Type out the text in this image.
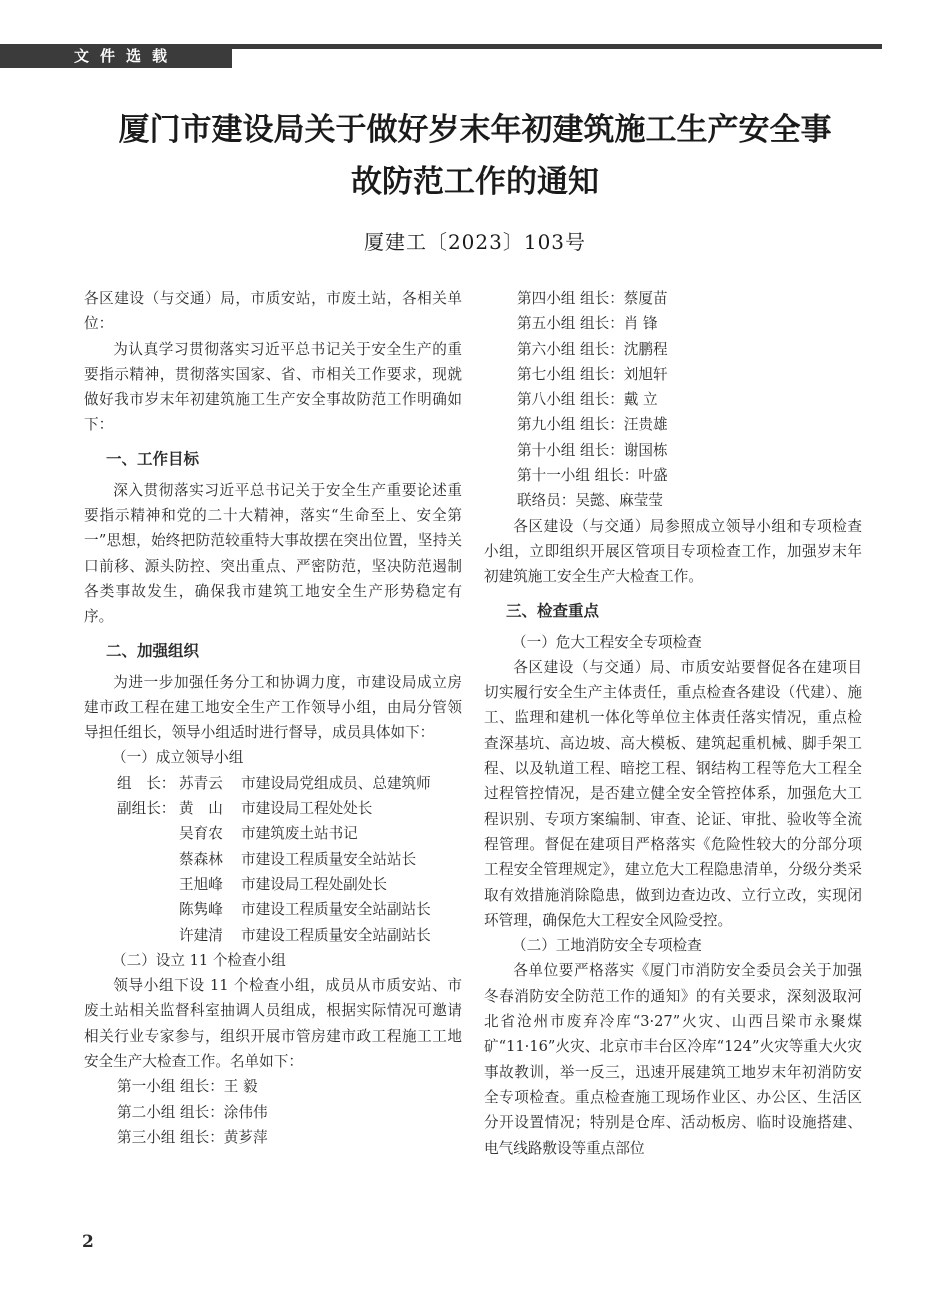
文件选载
厦门市建设局关于做好岁末年初建筑施工生产安全事
故防范工作的通知
厦建工〔2023〕103号

各区建设（与交通）局，市质安站，市废土站，各相关单位：

为认真学习贯彻落实习近平总书记关于安全生产的重要指示精神，贯彻落实国家、省、市相关工作要求，现就做好我市岁末年初建筑施工生产安全事故防范工作明确如下：

一、工作目标

深入贯彻落实习近平总书记关于安全生产重要论述重要指示精神和党的二十大精神，落实“生命至上、安全第一”思想，始终把防范较重特大事故摆在突出位置，坚持关口前移、源头防控、突出重点、严密防范，坚决防范遏制各类事故发生，确保我市建筑工地安全生产形势稳定有序。

二、加强组织

为进一步加强任务分工和协调力度，市建设局成立房建市政工程在建工地安全生产工作领导小组，由局分管领导担任组长，领导小组适时进行督导，成员具体如下：

（一）成立领导小组
组　长： 苏青云	市建设局党组成员、总建筑师
副组长： 黄　山	市建设局工程处处长
吴育农	市建筑废土站书记
蔡森林	市建设工程质量安全站站长
王旭峰	市建设局工程处副处长
陈隽峰	市建设工程质量安全站副站长
许建清	市建设工程质量安全站副站长
（二）设立 11 个检查小组

领导小组下设 11 个检查小组，成员从市质安站、市废土站相关监督科室抽调人员组成，根据实际情况可邀请相关行业专家参与，组织开展市管房建市政工程施工工地安全生产大检查工作。名单如下：

第一小组 组长：王 毅
第二小组 组长：涂伟伟
第三小组 组长：黄芗萍
第四小组 组长：蔡厦苗
第五小组 组长：肖 锋
第六小组 组长：沈鹏程
第七小组 组长：刘旭轩
第八小组 组长：戴 立
第九小组 组长：汪贵雄
第十小组 组长：谢国栋
第十一小组 组长：叶盛
联络员：吴懿、麻莹莹

各区建设（与交通）局参照成立领导小组和专项检查小组，立即组织开展区管项目专项检查工作，加强岁末年初建筑施工安全生产大检查工作。

三、检查重点
（一）危大工程安全专项检查

各区建设（与交通）局、市质安站要督促各在建项目切实履行安全生产主体责任，重点检查各建设（代建）、施工、监理和建机一体化等单位主体责任落实情况，重点检查深基坑、高边坡、高大模板、建筑起重机械、脚手架工程、以及轨道工程、暗挖工程、钢结构工程等危大工程全过程管控情况，是否建立健全安全管控体系，加强危大工程识别、专项方案编制、审查、论证、审批、验收等全流程管理。督促在建项目严格落实《危险性较大的分部分项工程安全管理规定》，建立危大工程隐患清单，分级分类采取有效措施消除隐患，做到边查边改、立行立改，实现闭环管理，确保危大工程安全风险受控。

（二）工地消防安全专项检查

各单位要严格落实《厦门市消防安全委员会关于加强冬春消防安全防范工作的通知》的有关要求，深刻汲取河北省沧州市废弃冷库“3·27”火灾、山西吕梁市永聚煤矿“11·16”火灾、北京市丰台区冷库“124”火灾等重大火灾事故教训，举一反三，迅速开展建筑工地岁末年初消防安全专项检查。重点检查施工现场作业区、办公区、生活区分开设置情况；特别是仓库、活动板房、临时设施搭建、电气线路敷设等重点部位

2
